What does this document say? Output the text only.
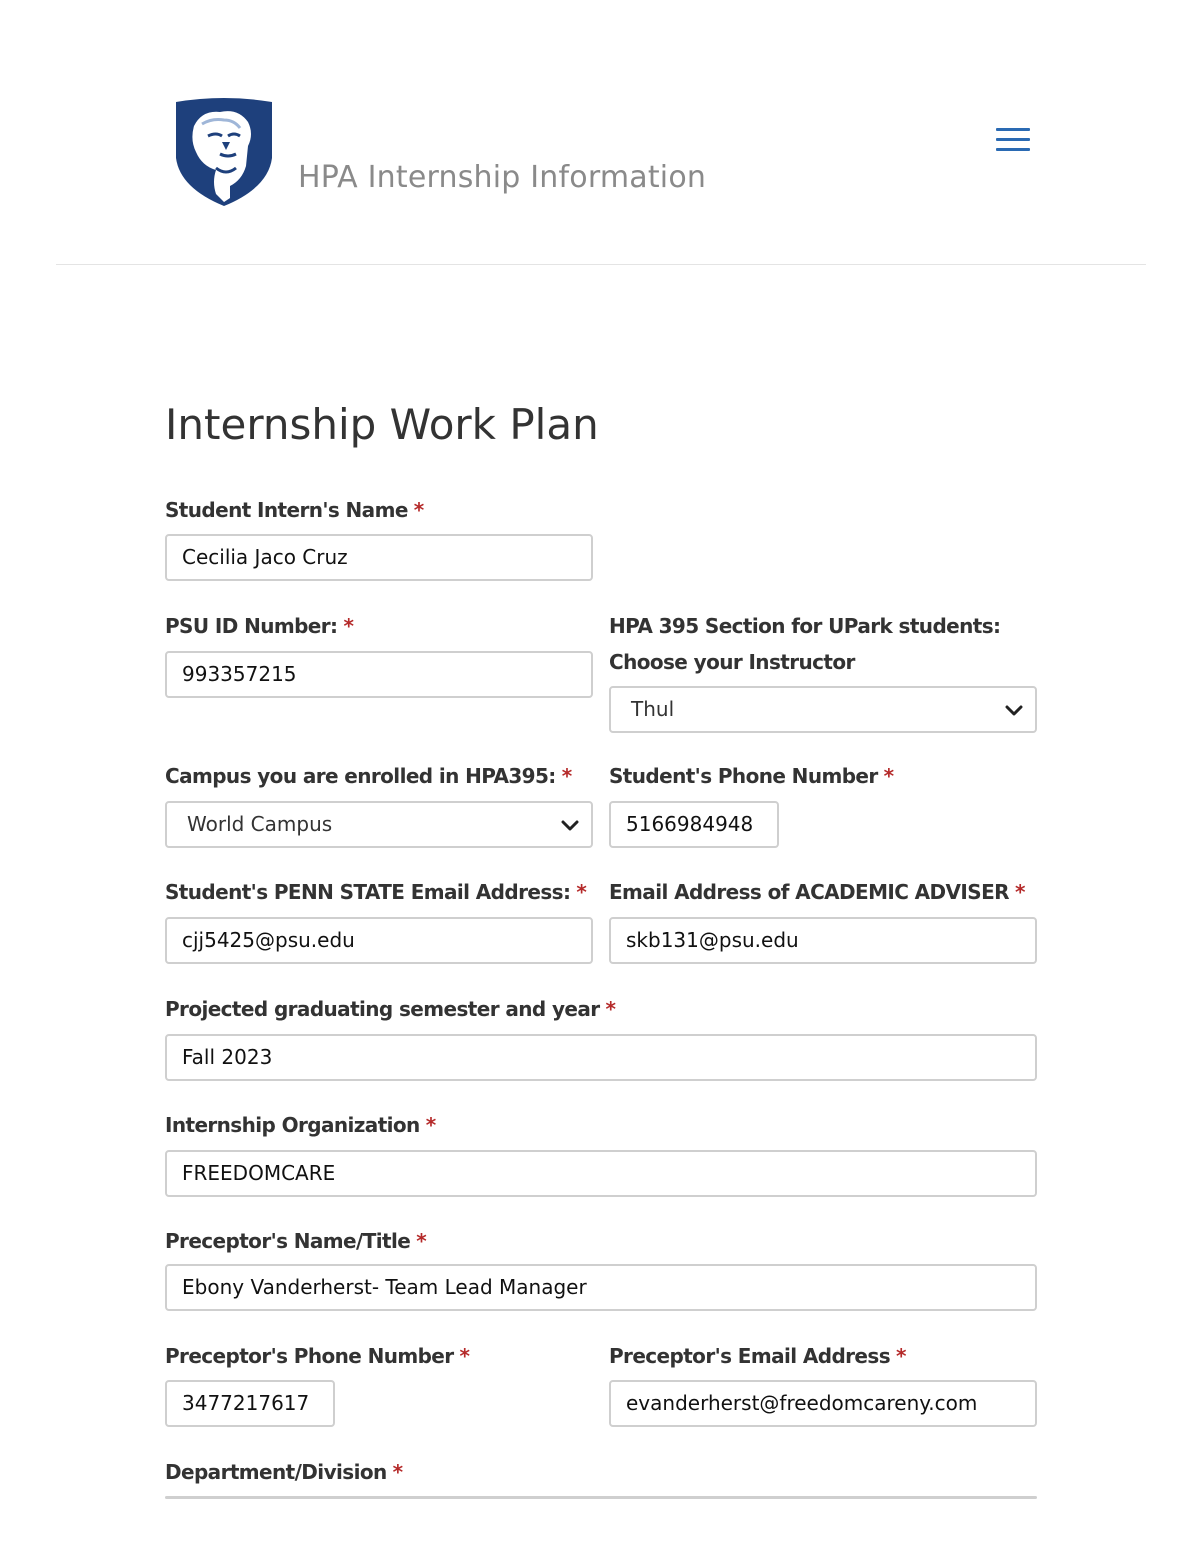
HPA Internship Information
Internship Work Plan
Student Intern's Name *
Cecilia Jaco Cruz
PSU ID Number: *
993357215
HPA 395 Section for UPark students:
Choose your Instructor
Thul
Campus you are enrolled in HPA395: *
World Campus
Student's Phone Number *
5166984948
Student's PENN STATE Email Address: *
cjj5425@psu.edu
Email Address of ACADEMIC ADVISER *
skb131@psu.edu
Projected graduating semester and year *
Fall 2023
Internship Organization *
FREEDOMCARE
Preceptor's Name/Title *
Ebony Vanderherst- Team Lead Manager
Preceptor's Phone Number *
3477217617
Preceptor's Email Address *
evanderherst@freedomcareny.com
Department/Division *
